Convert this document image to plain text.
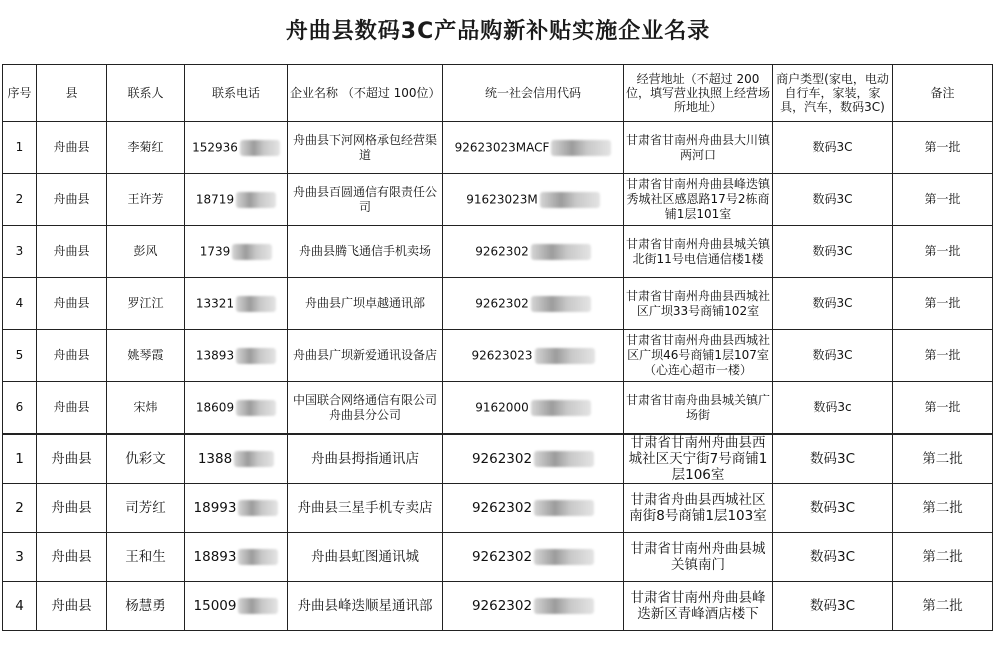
舟曲县数码3C产品购新补贴实施企业名录
序号	县	联系人	联系电话	企业名称 （不超过 100位）	统一社会信用代码	经营地址（不超过 200位，填写营业执照上经营场所地址）	商户类型(家电，电动自行车，家装，家具，汽车，数码3C)	备注
1	舟曲县	李菊红	152936	舟曲县下河网格承包经营渠道	92623023MACF	甘肃省甘南州舟曲县大川镇两河口	数码3C	第一批
2	舟曲县	王许芳	18719	舟曲县百圆通信有限责任公司	91623023M	甘肃省甘南州舟曲县峰迭镇秀城社区感恩路17号2栋商铺1层101室	数码3C	第一批
3	舟曲县	彭风	1739	舟曲县腾飞通信手机卖场	9262302	甘肃省甘南州舟曲县城关镇北街11号电信通信楼1楼	数码3C	第一批
4	舟曲县	罗江江	13321	舟曲县广坝卓越通讯部	9262302	甘肃省甘南州舟曲县西城社区广坝33号商铺102室	数码3C	第一批
5	舟曲县	姚琴霞	13893	舟曲县广坝新爱通讯设备店	92623023	甘肃省甘南州舟曲县西城社区广坝46号商铺1层107室（心连心超市一楼）	数码3C	第一批
6	舟曲县	宋炜	18609	中国联合网络通信有限公司舟曲县分公司	9162000	甘肃省甘南舟曲县城关镇广场街	数码3c	第一批
1	舟曲县	仇彩文	1388	舟曲县拇指通讯店	9262302	甘肃省甘南州舟曲县西城社区天宁街7号商铺1层106室	数码3C	第二批
2	舟曲县	司芳红	18993	舟曲县三星手机专卖店	9262302	甘肃省舟曲县西城社区南街8号商铺1层103室	数码3C	第二批
3	舟曲县	王和生	18893	舟曲县虹图通讯城	9262302	甘肃省甘南州舟曲县城关镇南门	数码3C	第二批
4	舟曲县	杨慧勇	15009	舟曲县峰迭顺星通讯部	9262302	甘肃省甘南州舟曲县峰迭新区青峰酒店楼下	数码3C	第二批
